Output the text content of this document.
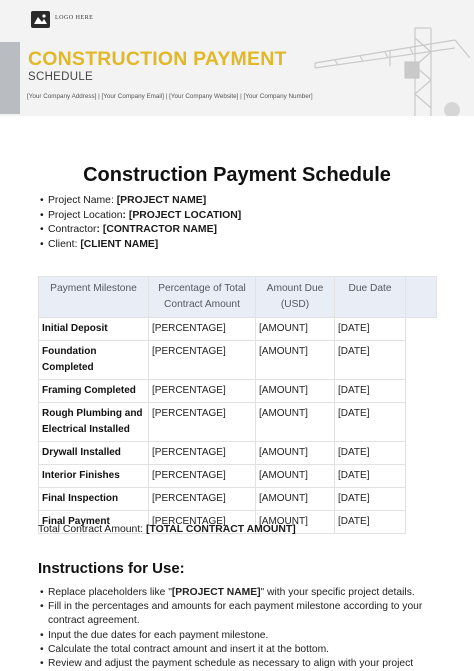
LOGO HERE
CONSTRUCTION PAYMENT
SCHEDULE
[Your Company Address] | [Your Company Email] | [Your Company Website] | [Your Company Number]
Construction Payment Schedule
• Project Name: [PROJECT NAME]
• Project Location: [PROJECT LOCATION]
• Contractor: [CONTRACTOR NAME]
• Client: [CLIENT NAME]
Payment Milestone	Percentage of Total Contract Amount	Amount Due (USD)	Due Date	
Initial Deposit	[PERCENTAGE]	[AMOUNT]	[DATE]	
Foundation Completed	[PERCENTAGE]	[AMOUNT]	[DATE]	
Framing Completed	[PERCENTAGE]	[AMOUNT]	[DATE]	
Rough Plumbing and Electrical Installed	[PERCENTAGE]	[AMOUNT]	[DATE]	
Drywall Installed	[PERCENTAGE]	[AMOUNT]	[DATE]	
Interior Finishes	[PERCENTAGE]	[AMOUNT]	[DATE]	
Final Inspection	[PERCENTAGE]	[AMOUNT]	[DATE]	
Final Payment	[PERCENTAGE]	[AMOUNT]	[DATE]	
Total Contract Amount: [TOTAL CONTRACT AMOUNT]
Instructions for Use:
• Replace placeholders like "[PROJECT NAME]" with your specific project details.
• Fill in the percentages and amounts for each payment milestone according to your contract agreement.
• Input the due dates for each payment milestone.
• Calculate the total contract amount and insert it at the bottom.
• Review and adjust the payment schedule as necessary to align with your project
